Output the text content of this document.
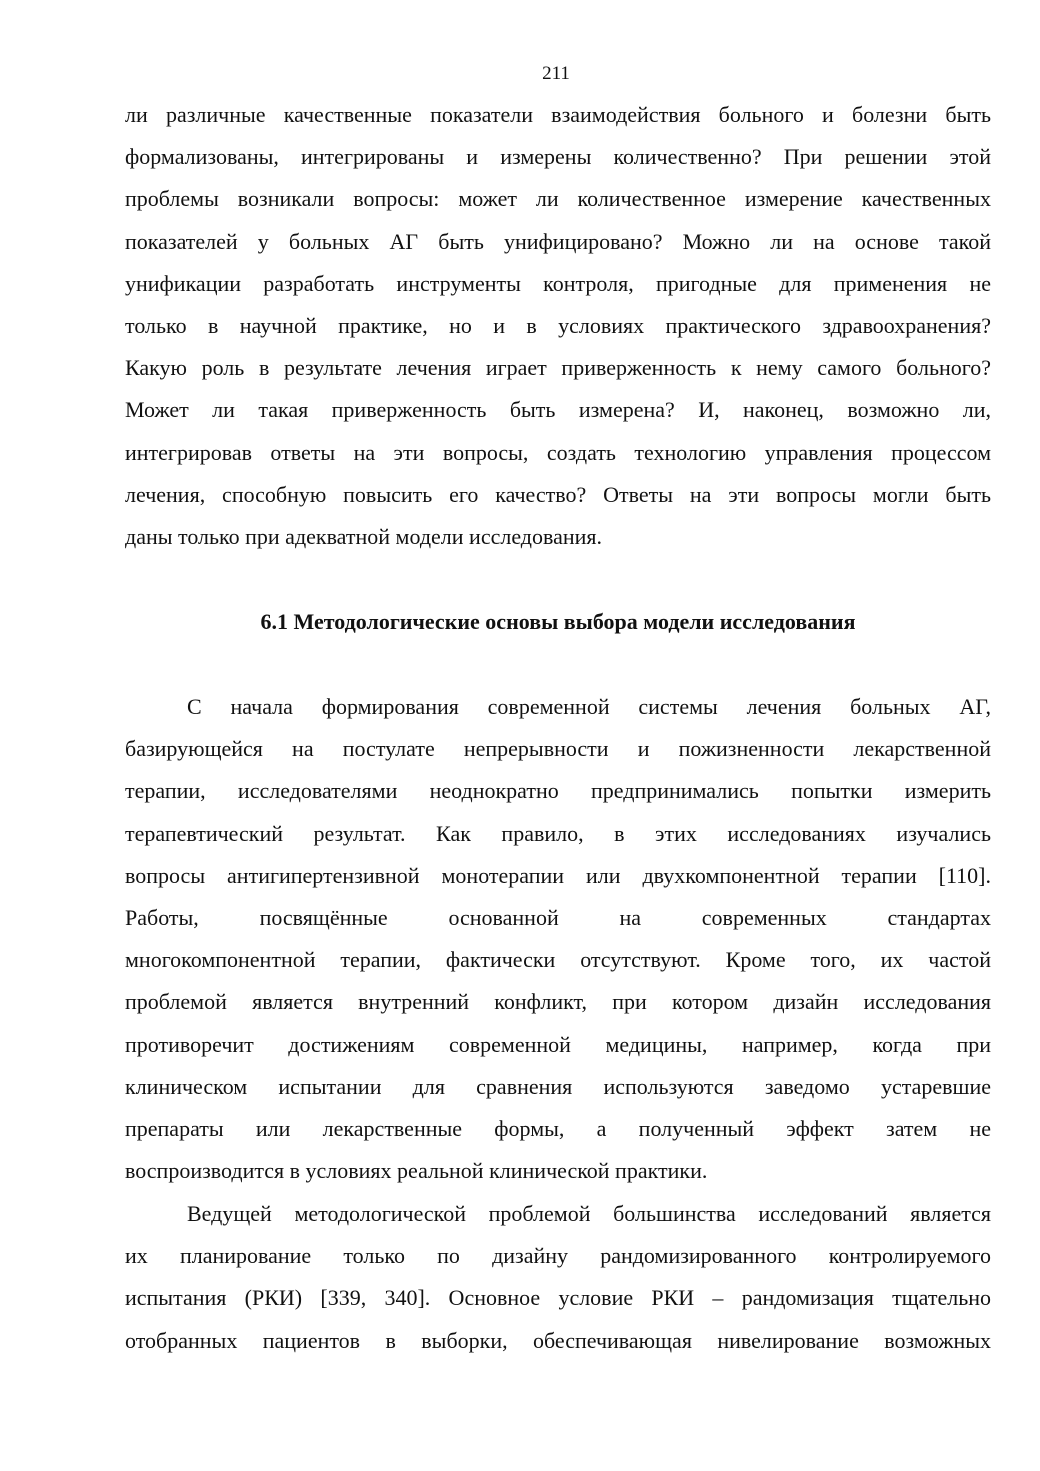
211
ли различные качественные показатели взаимодействия больного и болезни быть
формализованы, интегрированы и измерены количественно? При решении этой
проблемы возникали вопросы: может ли количественное измерение качественных
показателей у больных АГ быть унифицировано? Можно ли на основе такой
унификации разработать инструменты контроля, пригодные для применения не
только в научной практике, но и в условиях практического здравоохранения?
Какую роль в результате лечения играет приверженность к нему самого больного?
Может ли такая приверженность быть измерена? И, наконец, возможно ли,
интегрировав ответы на эти вопросы, создать технологию управления процессом
лечения, способную повысить его качество? Ответы на эти вопросы могли быть
даны только при адекватной модели исследования.
6.1 Методологические основы выбора модели исследования
С начала формирования современной системы лечения больных АГ,
базирующейся на постулате непрерывности и пожизненности лекарственной
терапии, исследователями неоднократно предпринимались попытки измерить
терапевтический результат. Как правило, в этих исследованиях изучались
вопросы антигипертензивной монотерапии или двухкомпонентной терапии [110].
Работы, посвящённые основанной на современных стандартах
многокомпонентной терапии, фактически отсутствуют. Кроме того, их частой
проблемой является внутренний конфликт, при котором дизайн исследования
противоречит достижениям современной медицины, например, когда при
клиническом испытании для сравнения используются заведомо устаревшие
препараты или лекарственные формы, а полученный эффект затем не
воспроизводится в условиях реальной клинической практики.
Ведущей методологической проблемой большинства исследований является
их планирование только по дизайну рандомизированного контролируемого
испытания (РКИ) [339, 340]. Основное условие РКИ – рандомизация тщательно
отобранных пациентов в выборки, обеспечивающая нивелирование возможных
